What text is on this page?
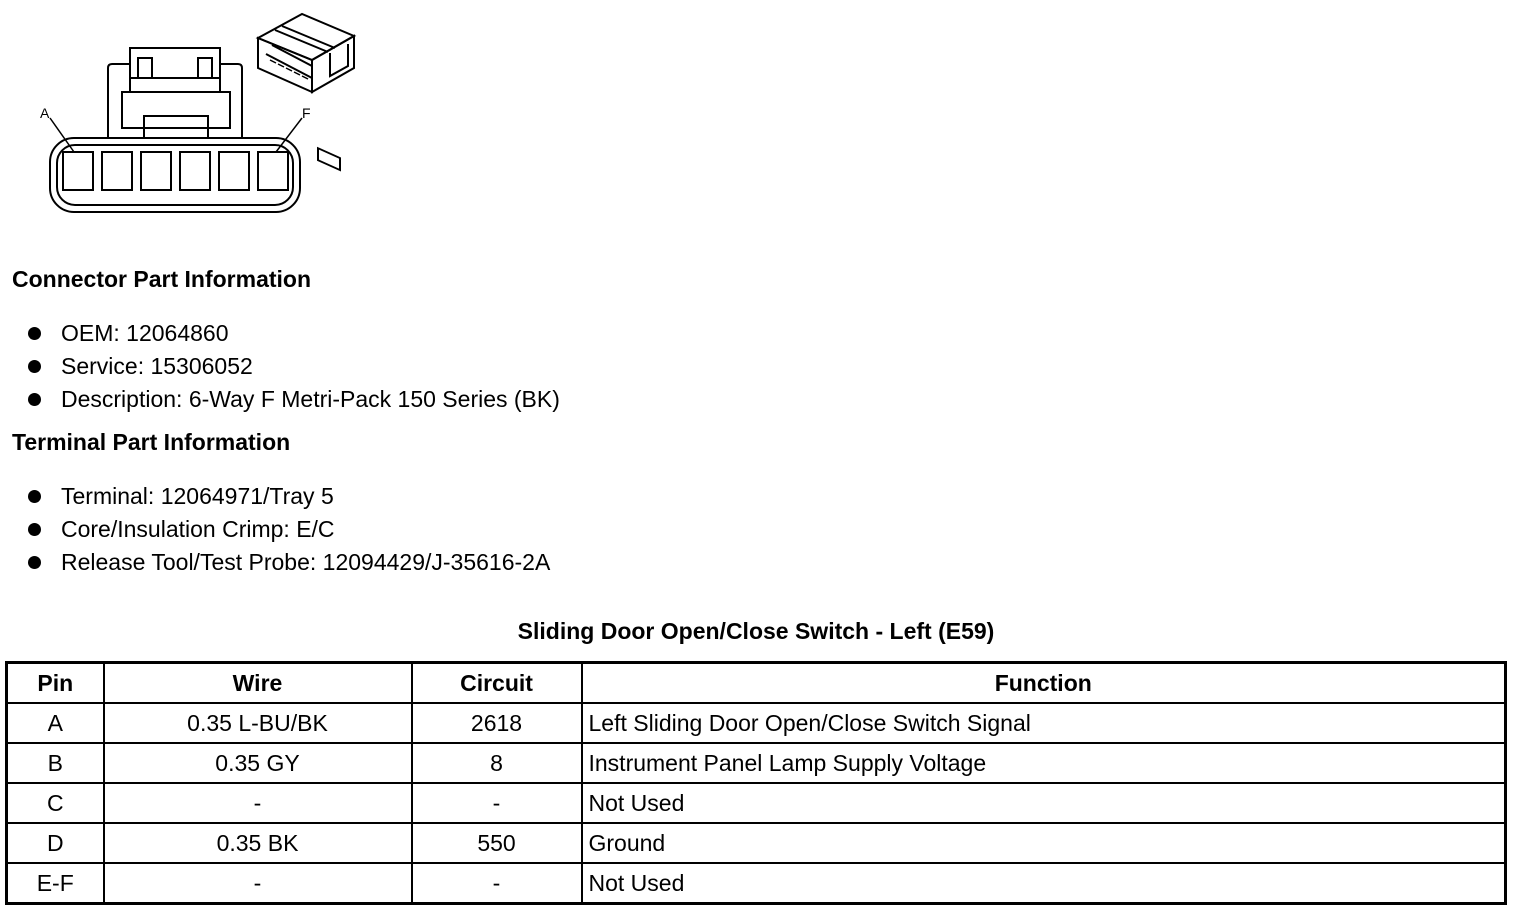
A	F
Connector Part Information
OEM: 12064860
Service: 15306052
Description: 6-Way F Metri-Pack 150 Series (BK)
Terminal Part Information
Terminal: 12064971/Tray 5
Core/Insulation Crimp: E/C
Release Tool/Test Probe: 12094429/J-35616-2A
Sliding Door Open/Close Switch - Left (E59)
Pin	Wire	Circuit	Function
A	0.35 L-BU/BK	2618	Left Sliding Door Open/Close Switch Signal
B	0.35 GY	8	Instrument Panel Lamp Supply Voltage
C	-	-	Not Used
D	0.35 BK	550	Ground
E-F	-	-	Not Used
